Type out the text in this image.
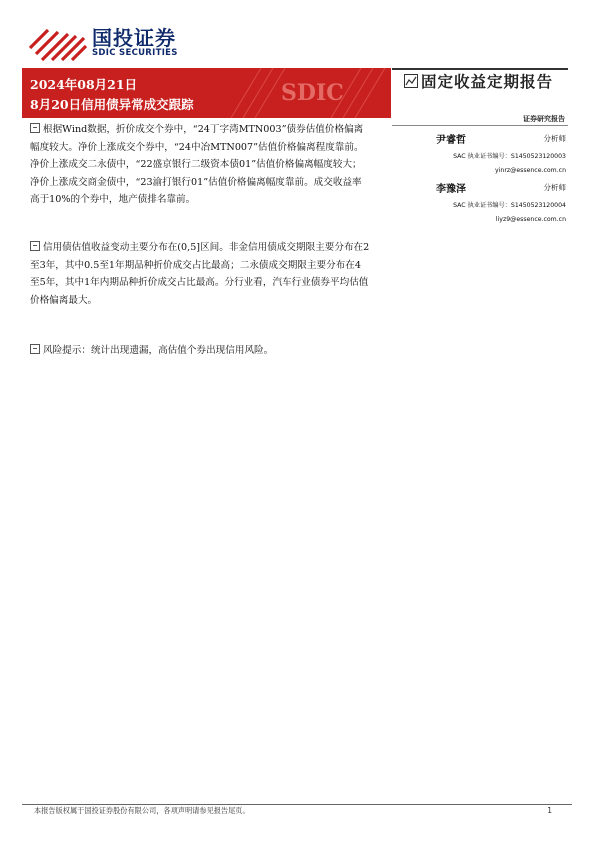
国投证券
SDIC SECURITIES
SDIC
2024年08月21日
8月20日信用债异常成交跟踪
固定收益定期报告
证券研究报告
尹睿哲	分析师
SAC 执业证书编号：S1450523120003
yinrz@essence.com.cn
李豫泽	分析师
SAC 执业证书编号：S1450523120004
liyz9@essence.com.cn
根据Wind数据，折价成交个券中，“24丁字湾MTN003”债券估值价格偏离幅度较大。净价上涨成交个券中，“24中冶MTN007”估值价格偏离程度靠前。净价上涨成交二永债中，“22盛京银行二级资本债01”估值价格偏离幅度较大；净价上涨成交商金债中，“23渝打银行01”估值价格偏离幅度靠前。成交收益率高于10%的个券中，地产债排名靠前。
信用债估值收益变动主要分布在(0,5]区间。非金信用债成交期限主要分布在2至3年，其中0.5至1年期品种折价成交占比最高；二永债成交期限主要分布在4至5年，其中1年内期品种折价成交占比最高。分行业看，汽车行业债券平均估值价格偏离最大。
风险提示：统计出现遗漏，高估值个券出现信用风险。
本报告版权属于国投证券股份有限公司，各项声明请参见报告尾页。	1
